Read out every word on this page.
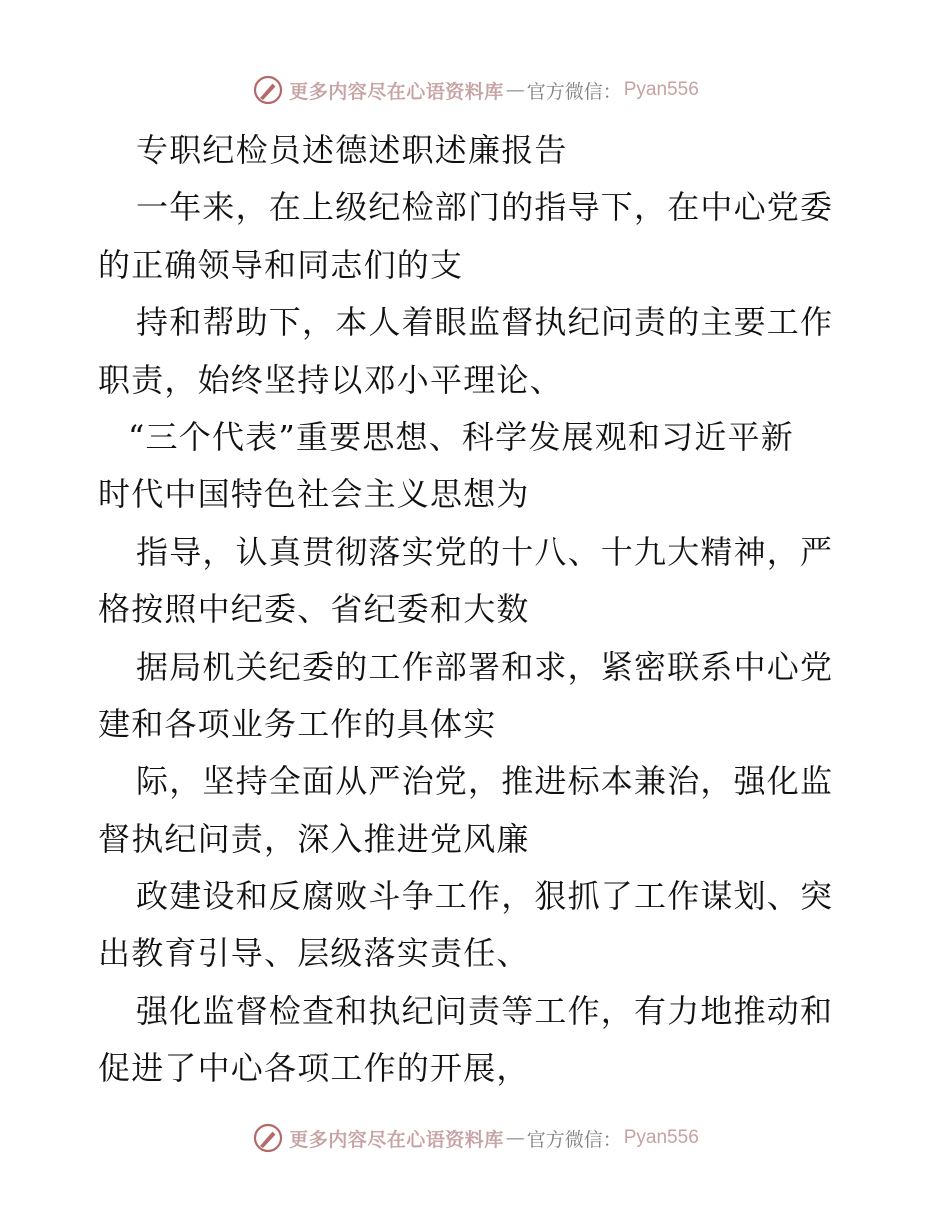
更多内容尽在心语资料库 — 官方微信： Pyan556
专职纪检员述德述职述廉报告
一年来，在上级纪检部门的指导下，在中心党委
的正确领导和同志们的支
持和帮助下，本人着眼监督执纪问责的主要工作
职责，始终坚持以邓小平理论、
“三个代表”重要思想、科学发展观和习近平新
时代中国特色社会主义思想为
指导，认真贯彻落实党的十八、十九大精神，严
格按照中纪委、省纪委和大数
据局机关纪委的工作部署和求，紧密联系中心党
建和各项业务工作的具体实
际，坚持全面从严治党，推进标本兼治，强化监
督执纪问责，深入推进党风廉
政建设和反腐败斗争工作，狠抓了工作谋划、突
出教育引导、层级落实责任、
强化监督检查和执纪问责等工作，有力地推动和
促进了中心各项工作的开展，
更多内容尽在心语资料库 — 官方微信： Pyan556
